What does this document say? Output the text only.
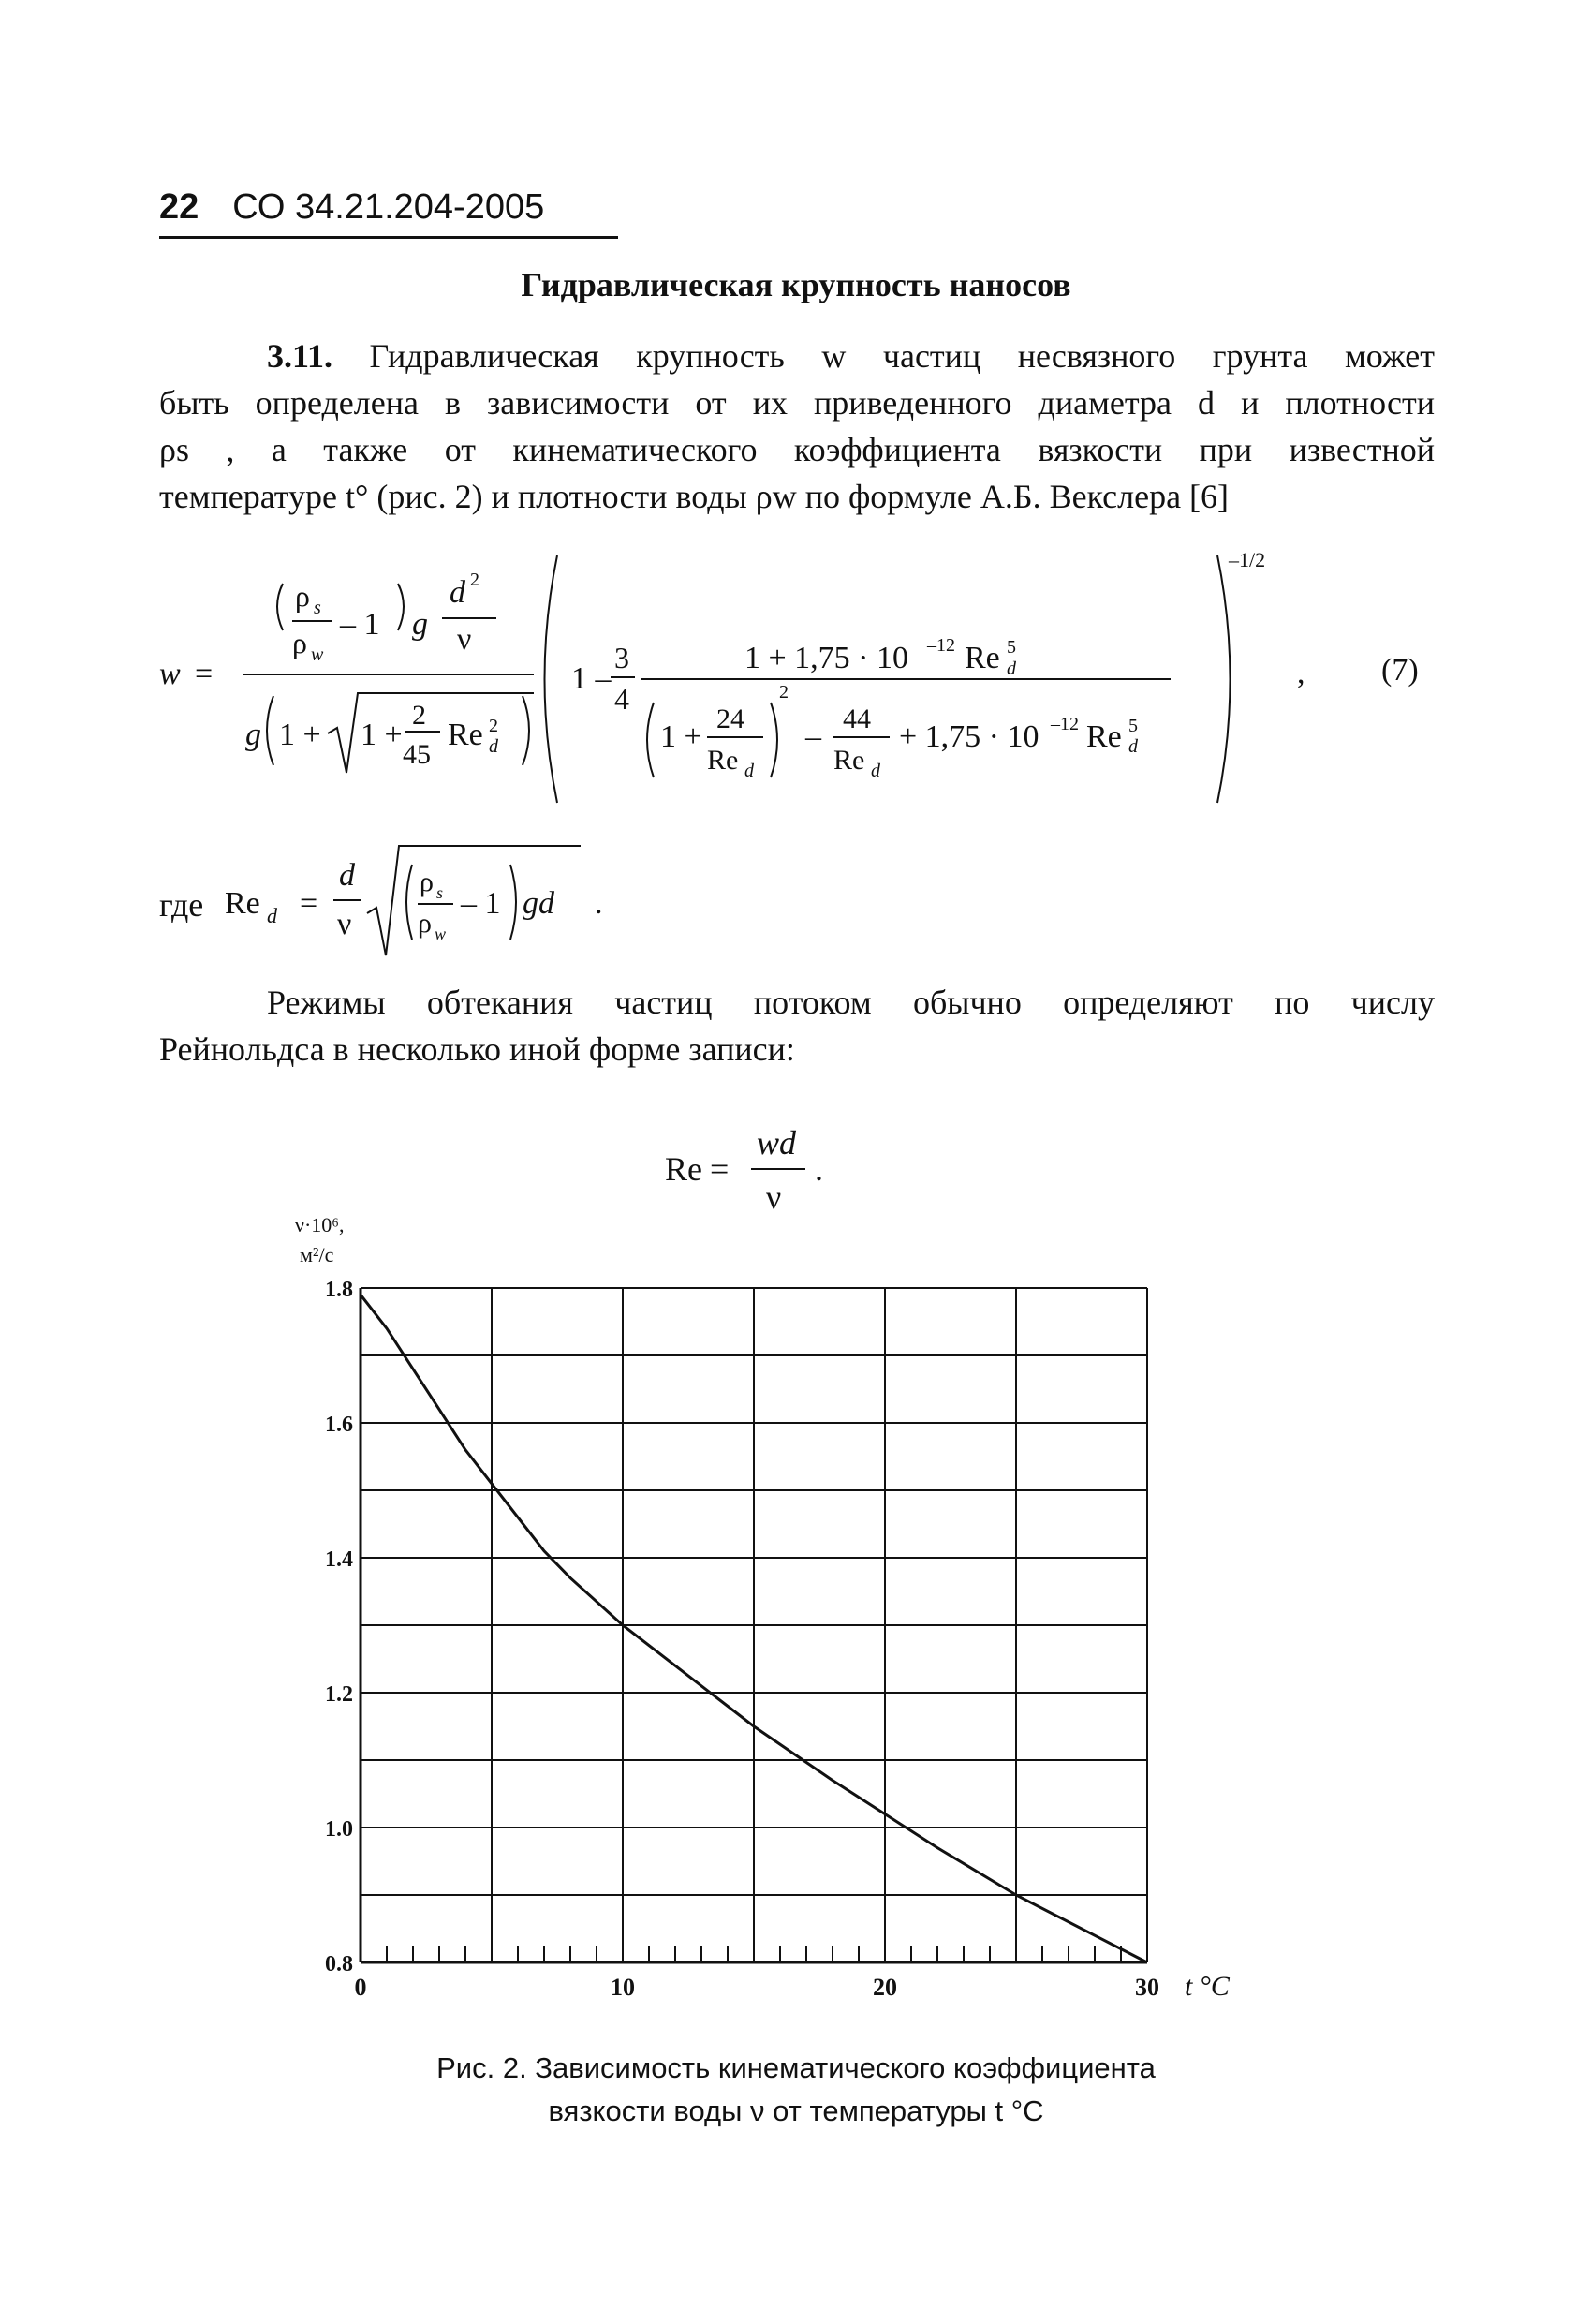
22 СО 34.21.204-2005
Гидравлическая крупность наносов
3.11. Гидравлическая крупность w частиц несвязного грунта может
быть определена в зависимости от их приведенного диаметра d и плотности
ρs , а также от кинематического коэффициента вязкости при известной
температуре t° (рис. 2) и плотности воды ρw по формуле А.Б. Векслера [6]
w =
ρ s
ρ w
– 1 g
d 2
ν
g 1 + 1 +
2
45
Re 2
d
1 –
3
4
1 + 1,75 · 10 –12 Re 5
d
1 +
24
Re d
2
–
44
Re d
+ 1,75 · 10 –12 Re 5
d
–1/2
, (7)
где Re d =
d
ν
ρ s
ρ w
– 1 gd .
Режимы обтекания частиц потоком обычно определяют по числу
Рейнольдса в несколько иной форме записи:
Re =
wd
ν
.
1.8
1.6
1.4
1.2
1.0
0.8
0	10	20	30
ν·10⁶,
м²/с
t °C
Рис. 2. Зависимость кинематического коэффициента
вязкости воды ν от температуры t °C
